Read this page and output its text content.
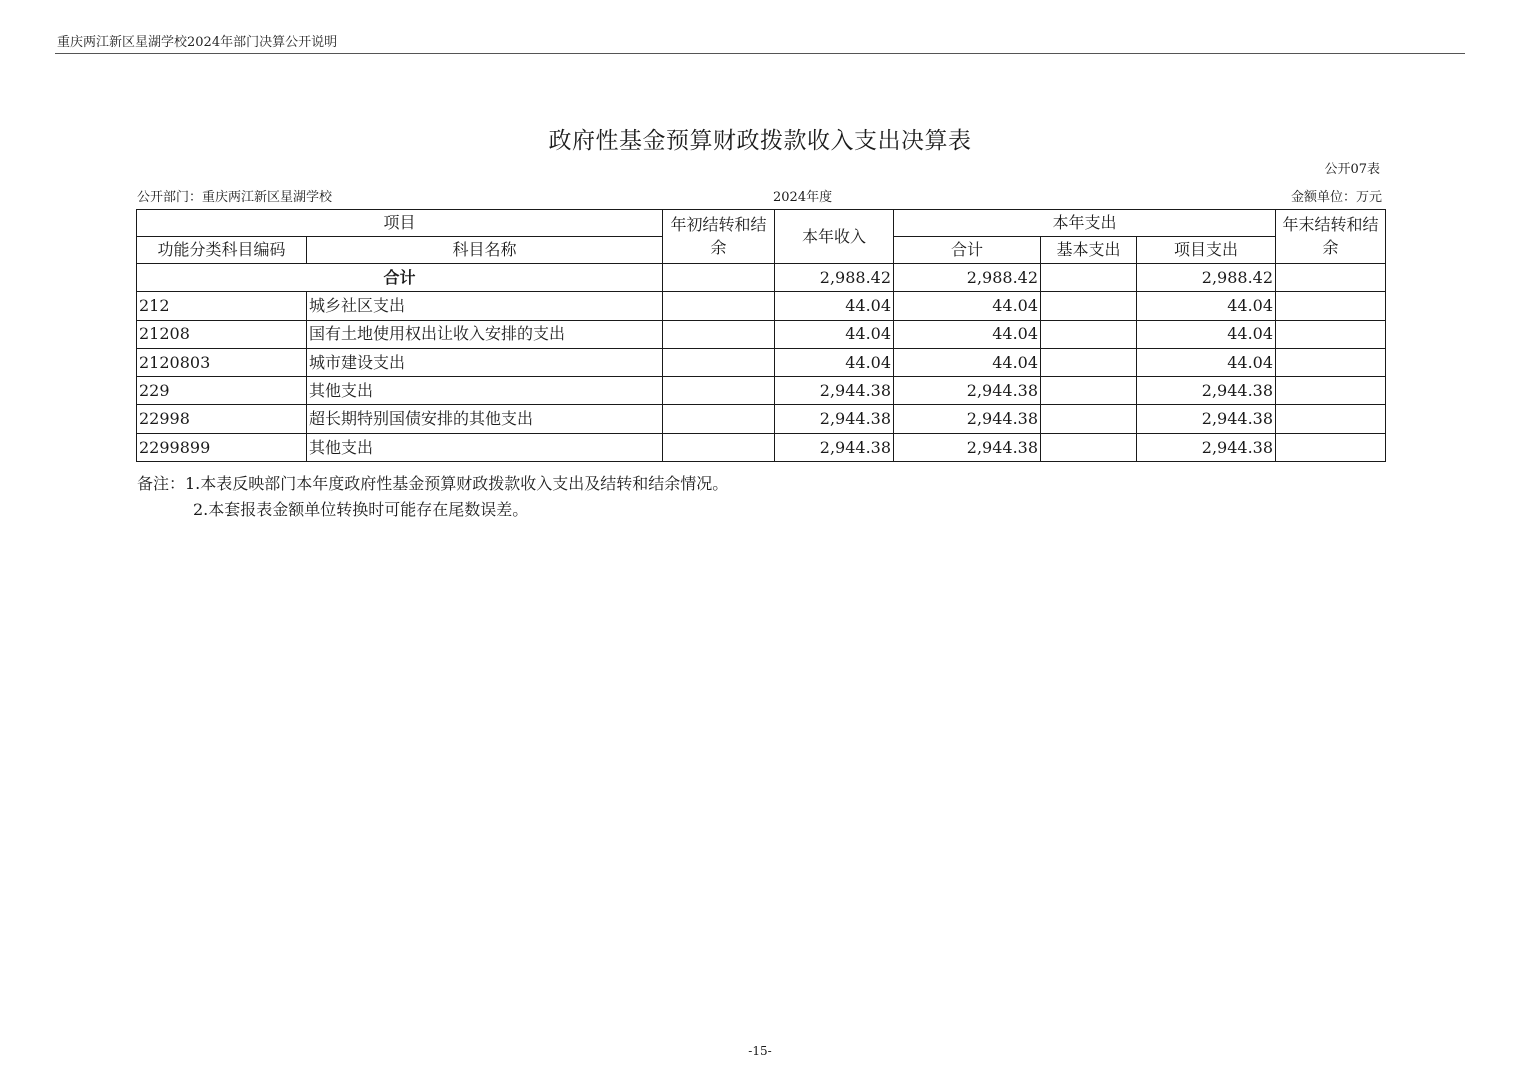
重庆两江新区星湖学校2024年部门决算公开说明
政府性基金预算财政拨款收入支出决算表
公开07表
公开部门：重庆两江新区星湖学校	2024年度	金额单位：万元
项目		年初结转和结余	本年收入	本年支出			年末结转和结余
功能分类科目编码	科目名称			合计	基本支出	项目支出	
合计			2,988.42	2,988.42		2,988.42	
212	城乡社区支出		44.04	44.04		44.04	
21208	国有土地使用权出让收入安排的支出		44.04	44.04		44.04	
2120803	城市建设支出		44.04	44.04		44.04	
229	其他支出		2,944.38	2,944.38		2,944.38	
22998	超长期特别国债安排的其他支出		2,944.38	2,944.38		2,944.38	
2299899	其他支出		2,944.38	2,944.38		2,944.38	
备注：1.本表反映部门本年度政府性基金预算财政拨款收入支出及结转和结余情况。
2.本套报表金额单位转换时可能存在尾数误差。
-15-
